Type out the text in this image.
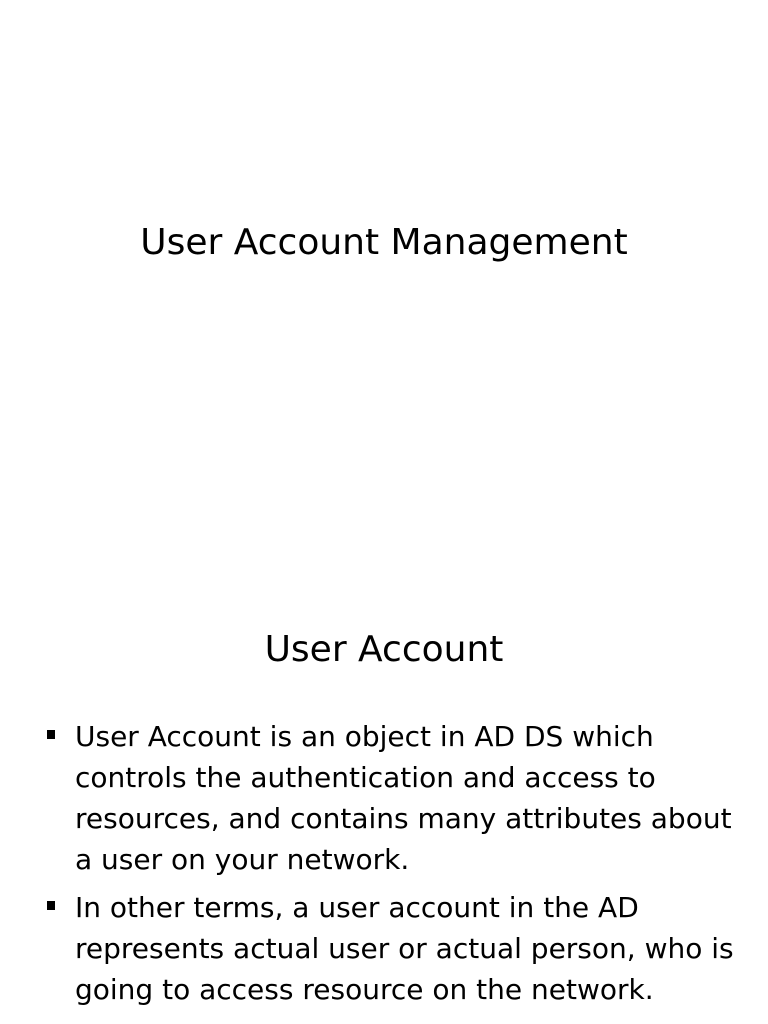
User Account Management
User Account
User Account is an object in AD DS which controls the authentication and access to resources, and contains many attributes about a user on your network.
In other terms, a user account in the AD represents actual user or actual person, who is going to access resource on the network.
